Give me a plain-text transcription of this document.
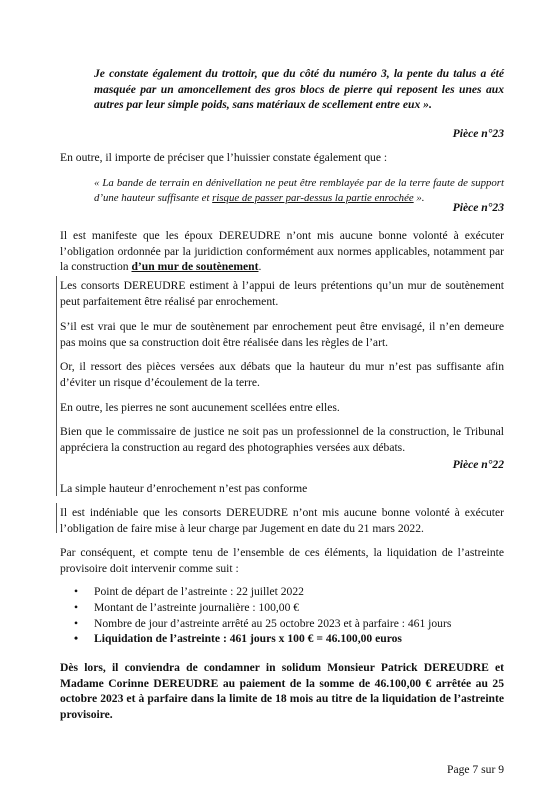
Je constate également du trottoir, que du côté du numéro 3, la pente du talus a été masquée par un amoncellement des gros blocs de pierre qui reposent les unes aux autres par leur simple poids, sans matériaux de scellement entre eux ».

Pièce n°23

En outre, il importe de préciser que l’huissier constate également que :

« La bande de terrain en dénivellation ne peut être remblayée par de la terre faute de support d’une hauteur suffisante et risque de passer par-dessus la partie enrochée ».

Pièce n°23

Il est manifeste que les époux DEREUDRE n’ont mis aucune bonne volonté à exécuter l’obligation ordonnée par la juridiction conformément aux normes applicables, notamment par la construction d’un mur de soutènement.

Les consorts DEREUDRE estiment à l’appui de leurs prétentions qu’un mur de soutènement peut parfaitement être réalisé par enrochement.

S’il est vrai que le mur de soutènement par enrochement peut être envisagé, il n’en demeure pas moins que sa construction doit être réalisée dans les règles de l’art.

Or, il ressort des pièces versées aux débats que la hauteur du mur n’est pas suffisante afin d’éviter un risque d’écoulement de la terre.

En outre, les pierres ne sont aucunement scellées entre elles.

Bien que le commissaire de justice ne soit pas un professionnel de la construction, le Tribunal appréciera la construction au regard des photographies versées aux débats.

Pièce n°22

La simple hauteur d’enrochement n’est pas conforme

Il est indéniable que les consorts DEREUDRE n’ont mis aucune bonne volonté à exécuter l’obligation de faire mise à leur charge par Jugement en date du 21 mars 2022.

Par conséquent, et compte tenu de l’ensemble de ces éléments, la liquidation de l’astreinte provisoire doit intervenir comme suit :

• Point de départ de l’astreinte : 22 juillet 2022
• Montant de l’astreinte journalière : 100,00 €
• Nombre de jour d’astreinte arrêté au 25 octobre 2023 et à parfaire : 461 jours
• Liquidation de l’astreinte : 461 jours x 100 € = 46.100,00 euros

Dès lors, il conviendra de condamner in solidum Monsieur Patrick DEREUDRE et Madame Corinne DEREUDRE au paiement de la somme de 46.100,00 € arrêtée au 25 octobre 2023 et à parfaire dans la limite de 18 mois au titre de la liquidation de l’astreinte provisoire.

Page 7 sur 9
